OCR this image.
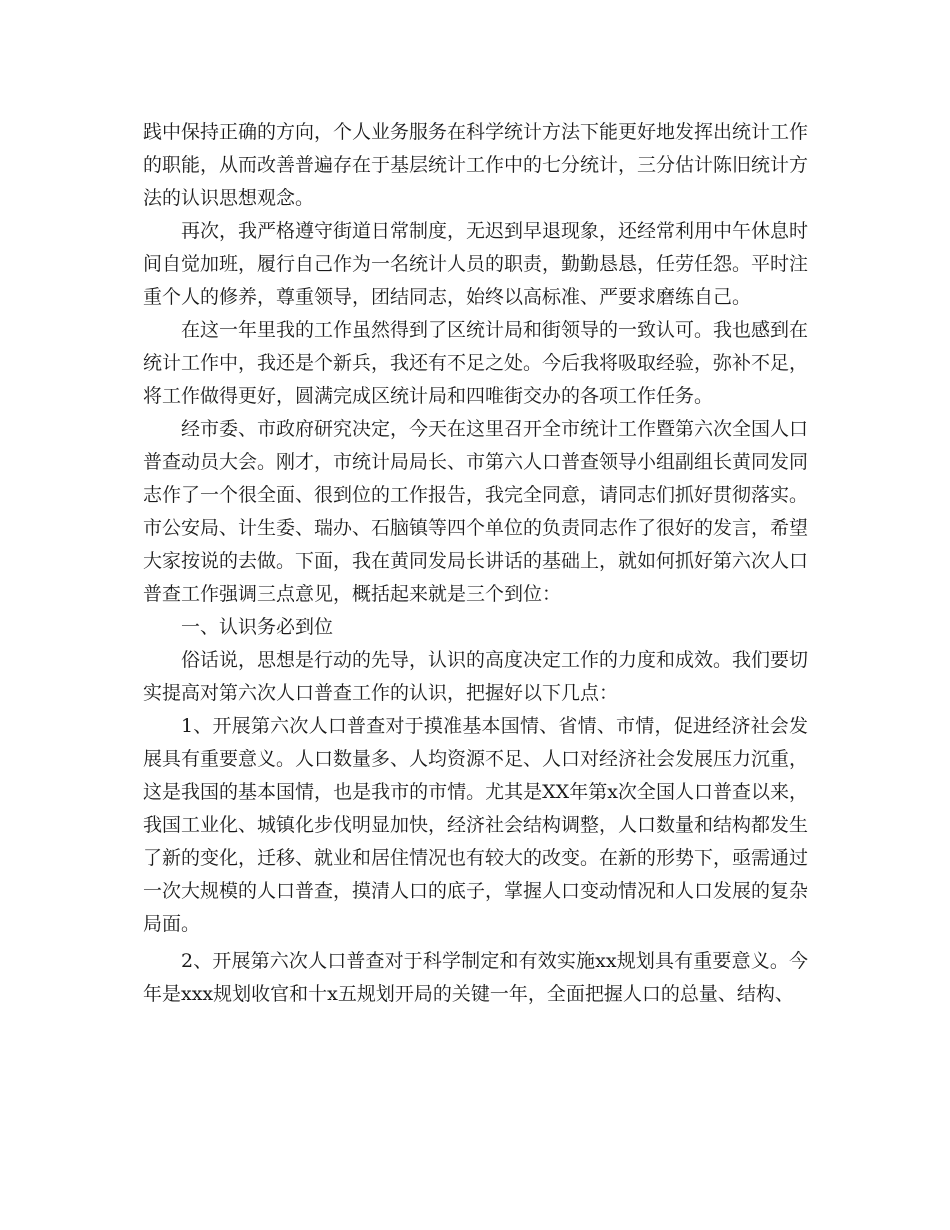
践中保持正确的方向，个人业务服务在科学统计方法下能更好地发挥出统计工作的职能，从而改善普遍存在于基层统计工作中的七分统计，三分估计陈旧统计方法的认识思想观念。

再次，我严格遵守街道日常制度，无迟到早退现象，还经常利用中午休息时间自觉加班，履行自己作为一名统计人员的职责，勤勤恳恳，任劳任怨。平时注重个人的修养，尊重领导，团结同志，始终以高标准、严要求磨练自己。

在这一年里我的工作虽然得到了区统计局和街领导的一致认可。我也感到在统计工作中，我还是个新兵，我还有不足之处。今后我将吸取经验，弥补不足，将工作做得更好，圆满完成区统计局和四唯街交办的各项工作任务。

经市委、市政府研究决定，今天在这里召开全市统计工作暨第六次全国人口普查动员大会。刚才，市统计局局长、市第六人口普查领导小组副组长黄同发同志作了一个很全面、很到位的工作报告，我完全同意，请同志们抓好贯彻落实。市公安局、计生委、瑞办、石脑镇等四个单位的负责同志作了很好的发言，希望大家按说的去做。下面，我在黄同发局长讲话的基础上，就如何抓好第六次人口普查工作强调三点意见，概括起来就是三个到位：

一、认识务必到位

俗话说，思想是行动的先导，认识的高度决定工作的力度和成效。我们要切实提高对第六次人口普查工作的认识，把握好以下几点：

1、开展第六次人口普查对于摸准基本国情、省情、市情，促进经济社会发展具有重要意义。人口数量多、人均资源不足、人口对经济社会发展压力沉重，这是我国的基本国情，也是我市的市情。尤其是XX年第x次全国人口普查以来，我国工业化、城镇化步伐明显加快，经济社会结构调整，人口数量和结构都发生了新的变化，迁移、就业和居住情况也有较大的改变。在新的形势下，亟需通过一次大规模的人口普查，摸清人口的底子，掌握人口变动情况和人口发展的复杂局面。

2、开展第六次人口普查对于科学制定和有效实施xx规划具有重要意义。今年是xxx规划收官和十x五规划开局的关键一年，全面把握人口的总量、结构、
